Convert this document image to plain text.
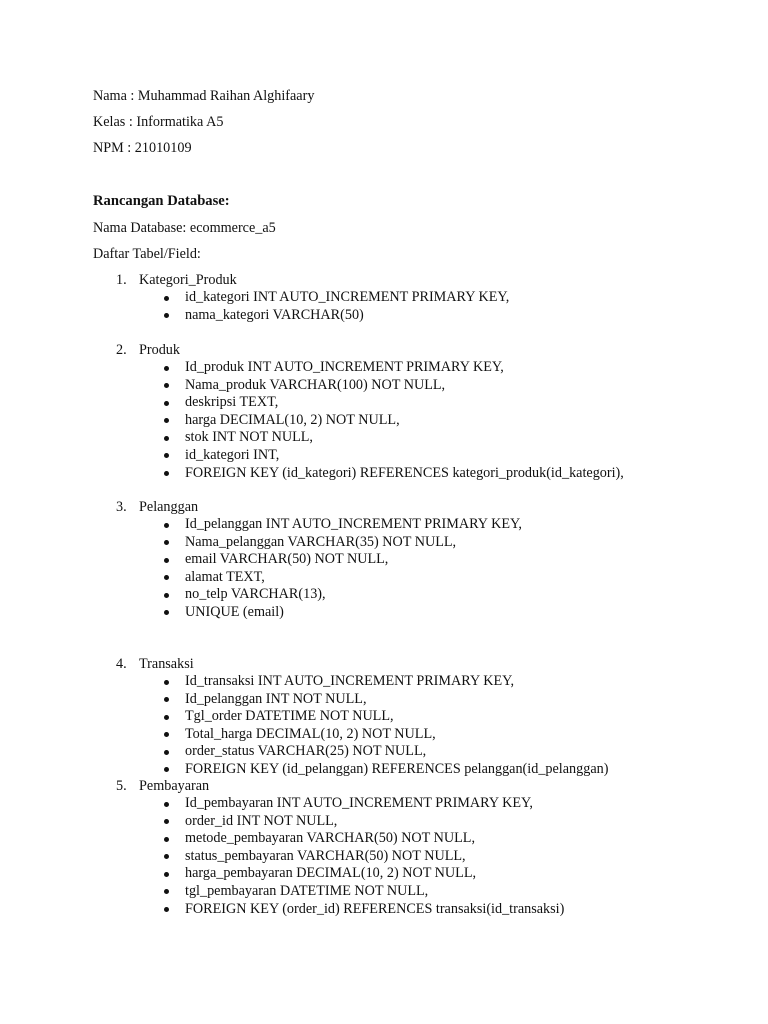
Nama : Muhammad Raihan Alghifaary
Kelas : Informatika A5
NPM : 21010109
Rancangan Database:
Nama Database: ecommerce_a5
Daftar Tabel/Field:
1. Kategori_Produk
id_kategori INT AUTO_INCREMENT PRIMARY KEY,
nama_kategori VARCHAR(50)
2. Produk
Id_produk INT AUTO_INCREMENT PRIMARY KEY,
Nama_produk VARCHAR(100) NOT NULL,
deskripsi TEXT,
harga DECIMAL(10, 2) NOT NULL,
stok INT NOT NULL,
id_kategori INT,
FOREIGN KEY (id_kategori) REFERENCES kategori_produk(id_kategori),
3. Pelanggan
Id_pelanggan INT AUTO_INCREMENT PRIMARY KEY,
Nama_pelanggan VARCHAR(35) NOT NULL,
email VARCHAR(50) NOT NULL,
alamat TEXT,
no_telp VARCHAR(13),
UNIQUE (email)
4. Transaksi
Id_transaksi INT AUTO_INCREMENT PRIMARY KEY,
Id_pelanggan INT NOT NULL,
Tgl_order DATETIME NOT NULL,
Total_harga DECIMAL(10, 2) NOT NULL,
order_status VARCHAR(25) NOT NULL,
FOREIGN KEY (id_pelanggan) REFERENCES pelanggan(id_pelanggan)
5. Pembayaran
Id_pembayaran INT AUTO_INCREMENT PRIMARY KEY,
order_id INT NOT NULL,
metode_pembayaran VARCHAR(50) NOT NULL,
status_pembayaran VARCHAR(50) NOT NULL,
harga_pembayaran DECIMAL(10, 2) NOT NULL,
tgl_pembayaran DATETIME NOT NULL,
FOREIGN KEY (order_id) REFERENCES transaksi(id_transaksi)
